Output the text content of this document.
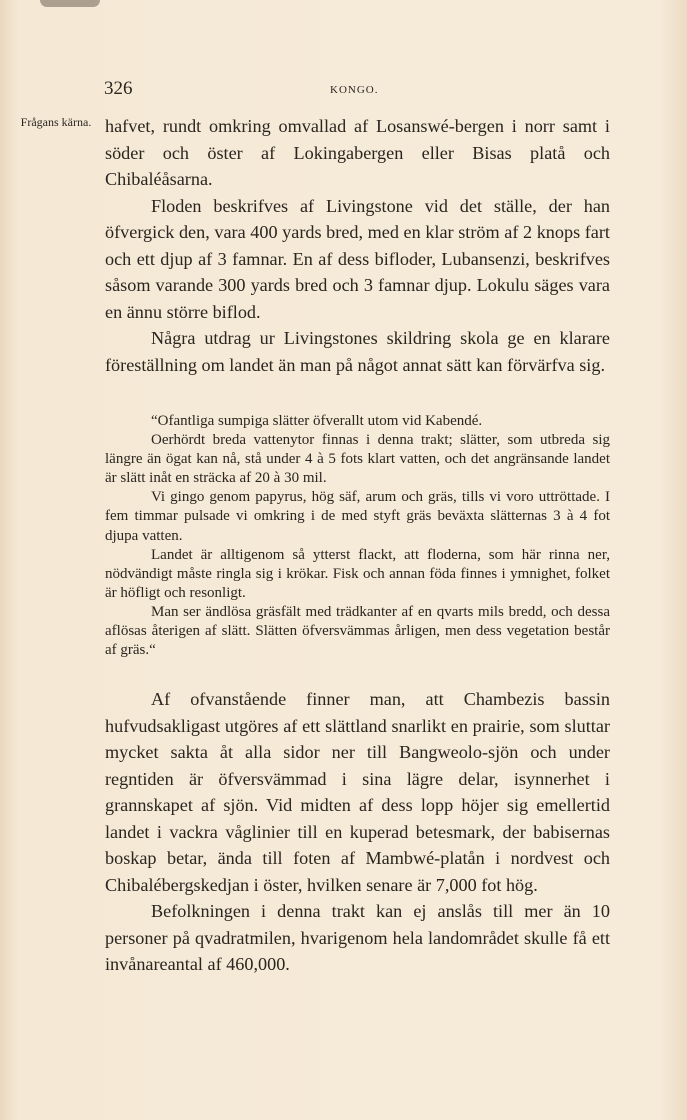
326	KONGO.
Frågans kärna. hafvet, rundt omkring omvallad af Losanswé-bergen i norr samt i söder och öster af Lokingabergen eller Bisas platå och Chibaléåsarna.

Floden beskrifves af Livingstone vid det ställe, der han öfvergick den, vara 400 yards bred, med en klar ström af 2 knops fart och ett djup af 3 famnar. En af dess bifloder, Lubansenzi, beskrifves såsom varande 300 yards bred och 3 famnar djup. Lokulu säges vara en ännu större biflod.

Några utdrag ur Livingstones skildring skola ge en klarare föreställning om landet än man på något annat sätt kan förvärfva sig.

“Ofantliga sumpiga slätter öfverallt utom vid Kabendé.

Oerhördt breda vattenytor finnas i denna trakt; slätter, som utbreda sig längre än ögat kan nå, stå under 4 à 5 fots klart vatten, och det angränsande landet är slätt inåt en sträcka af 20 à 30 mil.

Vi gingo genom papyrus, hög säf, arum och gräs, tills vi voro uttröttade. I fem timmar pulsade vi omkring i de med styft gräs beväxta slätternas 3 à 4 fot djupa vatten.

Landet är alltigenom så ytterst flackt, att floderna, som här rinna ner, nödvändigt måste ringla sig i krökar. Fisk och annan föda finnes i ymnighet, folket är höfligt och resonligt.

Man ser ändlösa gräsfält med trädkanter af en qvarts mils bredd, och dessa aflösas återigen af slätt. Slätten öfversvämmas årligen, men dess vegetation består af gräs.“

Af ofvanstående finner man, att Chambezis bassin hufvudsakligast utgöres af ett slättland snarlikt en prairie, som sluttar mycket sakta åt alla sidor ner till Bangweolo-sjön och under regntiden är öfversvämmad i sina lägre delar, isynnerhet i grannskapet af sjön. Vid midten af dess lopp höjer sig emellertid landet i vackra våglinier till en kuperad betesmark, der babisernas boskap betar, ända till foten af Mambwé-platån i nordvest och Chibalébergskedjan i öster, hvilken senare är 7,000 fot hög.

Befolkningen i denna trakt kan ej anslås till mer än 10 personer på qvadratmilen, hvarigenom hela landområdet skulle få ett invånareantal af 460,000.
